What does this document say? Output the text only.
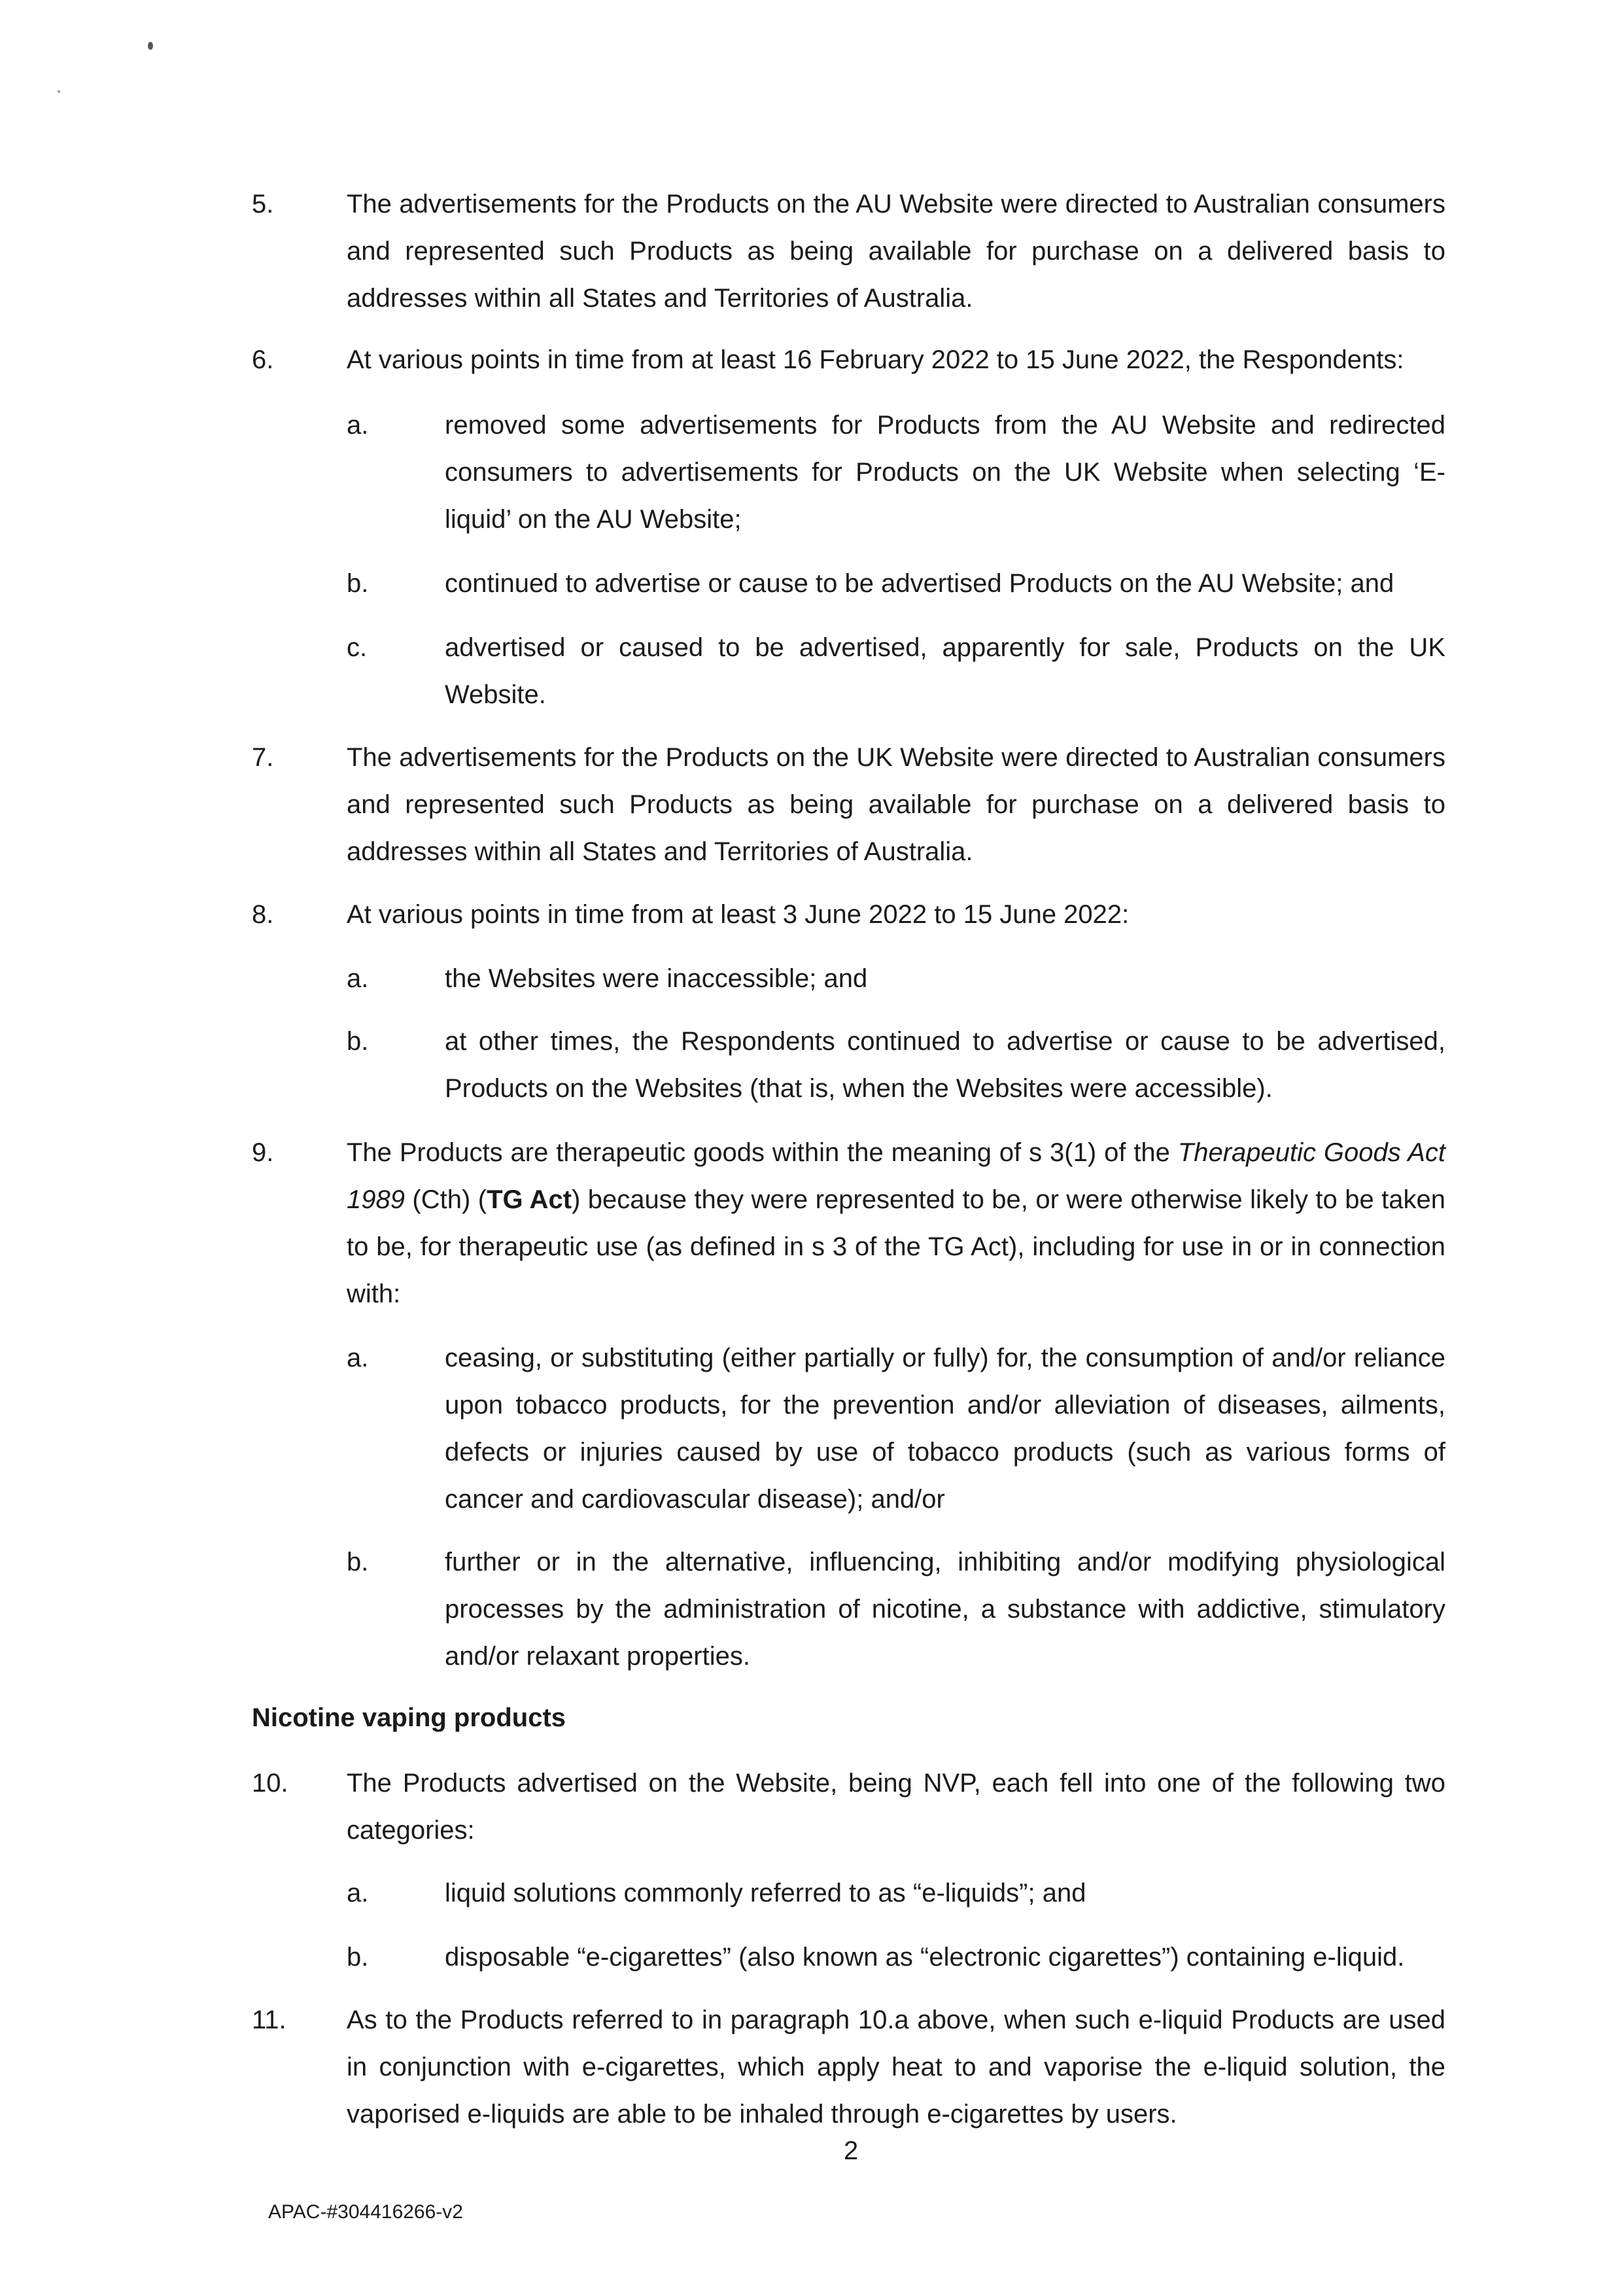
5.	The advertisements for the Products on the AU Website were directed to Australian consumers and represented such Products as being available for purchase on a delivered basis to addresses within all States and Territories of Australia.
6.	At various points in time from at least 16 February 2022 to 15 June 2022, the Respondents:
a.	removed some advertisements for Products from the AU Website and redirected consumers to advertisements for Products on the UK Website when selecting ‘E-liquid’ on the AU Website;
b.	continued to advertise or cause to be advertised Products on the AU Website; and
c.	advertised or caused to be advertised, apparently for sale, Products on the UK Website.
7.	The advertisements for the Products on the UK Website were directed to Australian consumers and represented such Products as being available for purchase on a delivered basis to addresses within all States and Territories of Australia.
8.	At various points in time from at least 3 June 2022 to 15 June 2022:
a.	the Websites were inaccessible; and
b.	at other times, the Respondents continued to advertise or cause to be advertised, Products on the Websites (that is, when the Websites were accessible).
9.	The Products are therapeutic goods within the meaning of s 3(1) of the Therapeutic Goods Act 1989 (Cth) (TG Act) because they were represented to be, or were otherwise likely to be taken to be, for therapeutic use (as defined in s 3 of the TG Act), including for use in or in connection with:
a.	ceasing, or substituting (either partially or fully) for, the consumption of and/or reliance upon tobacco products, for the prevention and/or alleviation of diseases, ailments, defects or injuries caused by use of tobacco products (such as various forms of cancer and cardiovascular disease); and/or
b.	further or in the alternative, influencing, inhibiting and/or modifying physiological processes by the administration of nicotine, a substance with addictive, stimulatory and/or relaxant properties.
Nicotine vaping products
10. The Products advertised on the Website, being NVP, each fell into one of the following two categories:
a.	liquid solutions commonly referred to as “e-liquids”; and
b.	disposable “e-cigarettes” (also known as “electronic cigarettes”) containing e-liquid.
11. As to the Products referred to in paragraph 10.a above, when such e-liquid Products are used in conjunction with e-cigarettes, which apply heat to and vaporise the e-liquid solution, the vaporised e-liquids are able to be inhaled through e-cigarettes by users.
2
APAC-#304416266-v2
